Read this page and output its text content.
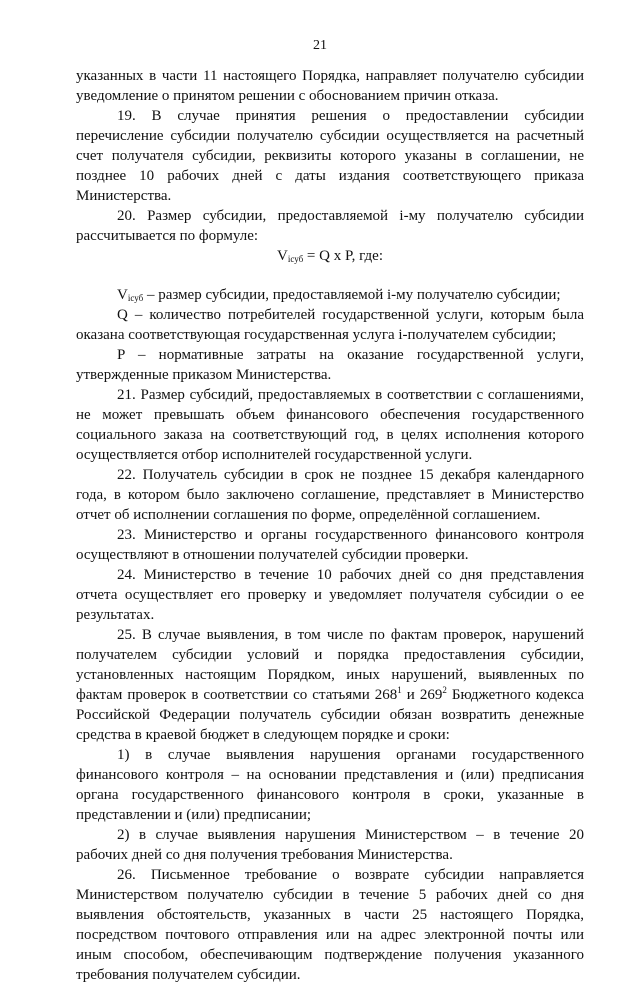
21

указанных в части 11 настоящего Порядка, направляет получателю субсидии уведомление о принятом решении с обоснованием причин отказа.

19. В случае принятия решения о предоставлении субсидии перечисление субсидии получателю субсидии осуществляется на расчетный счет получателя субсидии, реквизиты которого указаны в соглашении, не позднее 10 рабочих дней с даты издания соответствующего приказа Министерства.

20. Размер субсидии, предоставляемой i-му получателю субсидии рассчитывается по формуле:

$V_{iсуб} = Q$ x P, где:

$V_{iсуб}$ – размер субсидии, предоставляемой i-му получателю субсидии;

Q – количество потребителей государственной услуги, которым была оказана соответствующая государственная услуга i-получателем субсидии;

P – нормативные затраты на оказание государственной услуги, утвержденные приказом Министерства.

21. Размер субсидий, предоставляемых в соответствии с соглашениями, не может превышать объем финансового обеспечения государственного социального заказа на соответствующий год, в целях исполнения которого осуществляется отбор исполнителей государственной услуги.

22. Получатель субсидии в срок не позднее 15 декабря календарного года, в котором было заключено соглашение, представляет в Министерство отчет об исполнении соглашения по форме, определённой соглашением.

23. Министерство и органы государственного финансового контроля осуществляют в отношении получателей субсидии проверки.

24. Министерство в течение 10 рабочих дней со дня представления отчета осуществляет его проверку и уведомляет получателя субсидии о ее результатах.

25. В случае выявления, в том числе по фактам проверок, нарушений получателем субсидии условий и порядка предоставления субсидии, установленных настоящим Порядком, иных нарушений, выявленных по фактам проверок в соответствии со статьями $268^1$ и $269^2$ Бюджетного кодекса Российской Федерации получатель субсидии обязан возвратить денежные средства в краевой бюджет в следующем порядке и сроки:

1) в случае выявления нарушения органами государственного финансового контроля – на основании представления и (или) предписания органа государственного финансового контроля в сроки, указанные в представлении и (или) предписании;

2) в случае выявления нарушения Министерством – в течение 20 рабочих дней со дня получения требования Министерства.

26. Письменное требование о возврате субсидии направляется Министерством получателю субсидии в течение 5 рабочих дней со дня выявления обстоятельств, указанных в части 25 настоящего Порядка, посредством почтового отправления или на адрес электронной почты или иным способом, обеспечивающим подтверждение получения указанного требования получателем субсидии.
